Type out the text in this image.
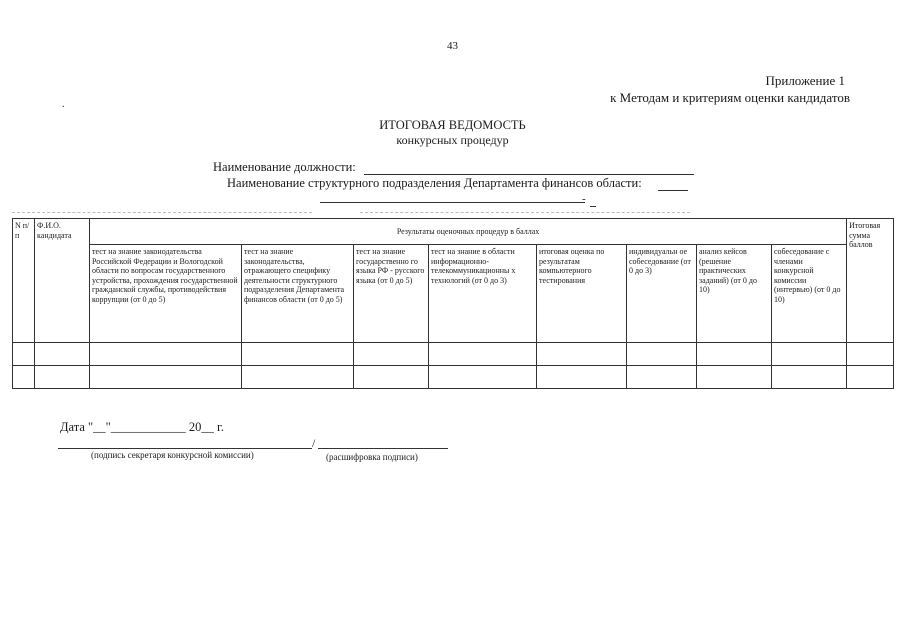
43
Приложение 1
к Методам и критериям оценки кандидатов
.
ИТОГОВАЯ ВЕДОМОСТЬ
конкурсных процедур
Наименование должности:
Наименование структурного подразделения Департамента финансов области:
-
N п/п	Ф.И.О. кандидата	Результаты оценочных процедур в баллах								Итоговая сумма баллов
		тест на знание законодательства Российской Федерации и Вологодской области по вопросам государственного устройства, прохождения государственной гражданской службы, противодействия коррупции (от 0 до 5)	тест на знание законодательства, отражающего специфику деятельности структурного подразделения Департамента финансов области (от 0 до 5)	тест на знание государственно го языка РФ - русского языка (от 0 до 5)	тест на знание в области информационно-телекоммуникационны х технологий (от 0 до 3)	итоговая оценка по результатам компьютерного тестирования	индивидуальн ое собеседование (от 0 до 3)	анализ кейсов (решение практических заданий) (от 0 до 10)	собеседование с членами конкурсной комиссии (интервью) (от 0 до 10)	

Дата "__"____________ 20__ г.
/
(подпись секретаря конкурсной комиссии)	(расшифровка подписи)
